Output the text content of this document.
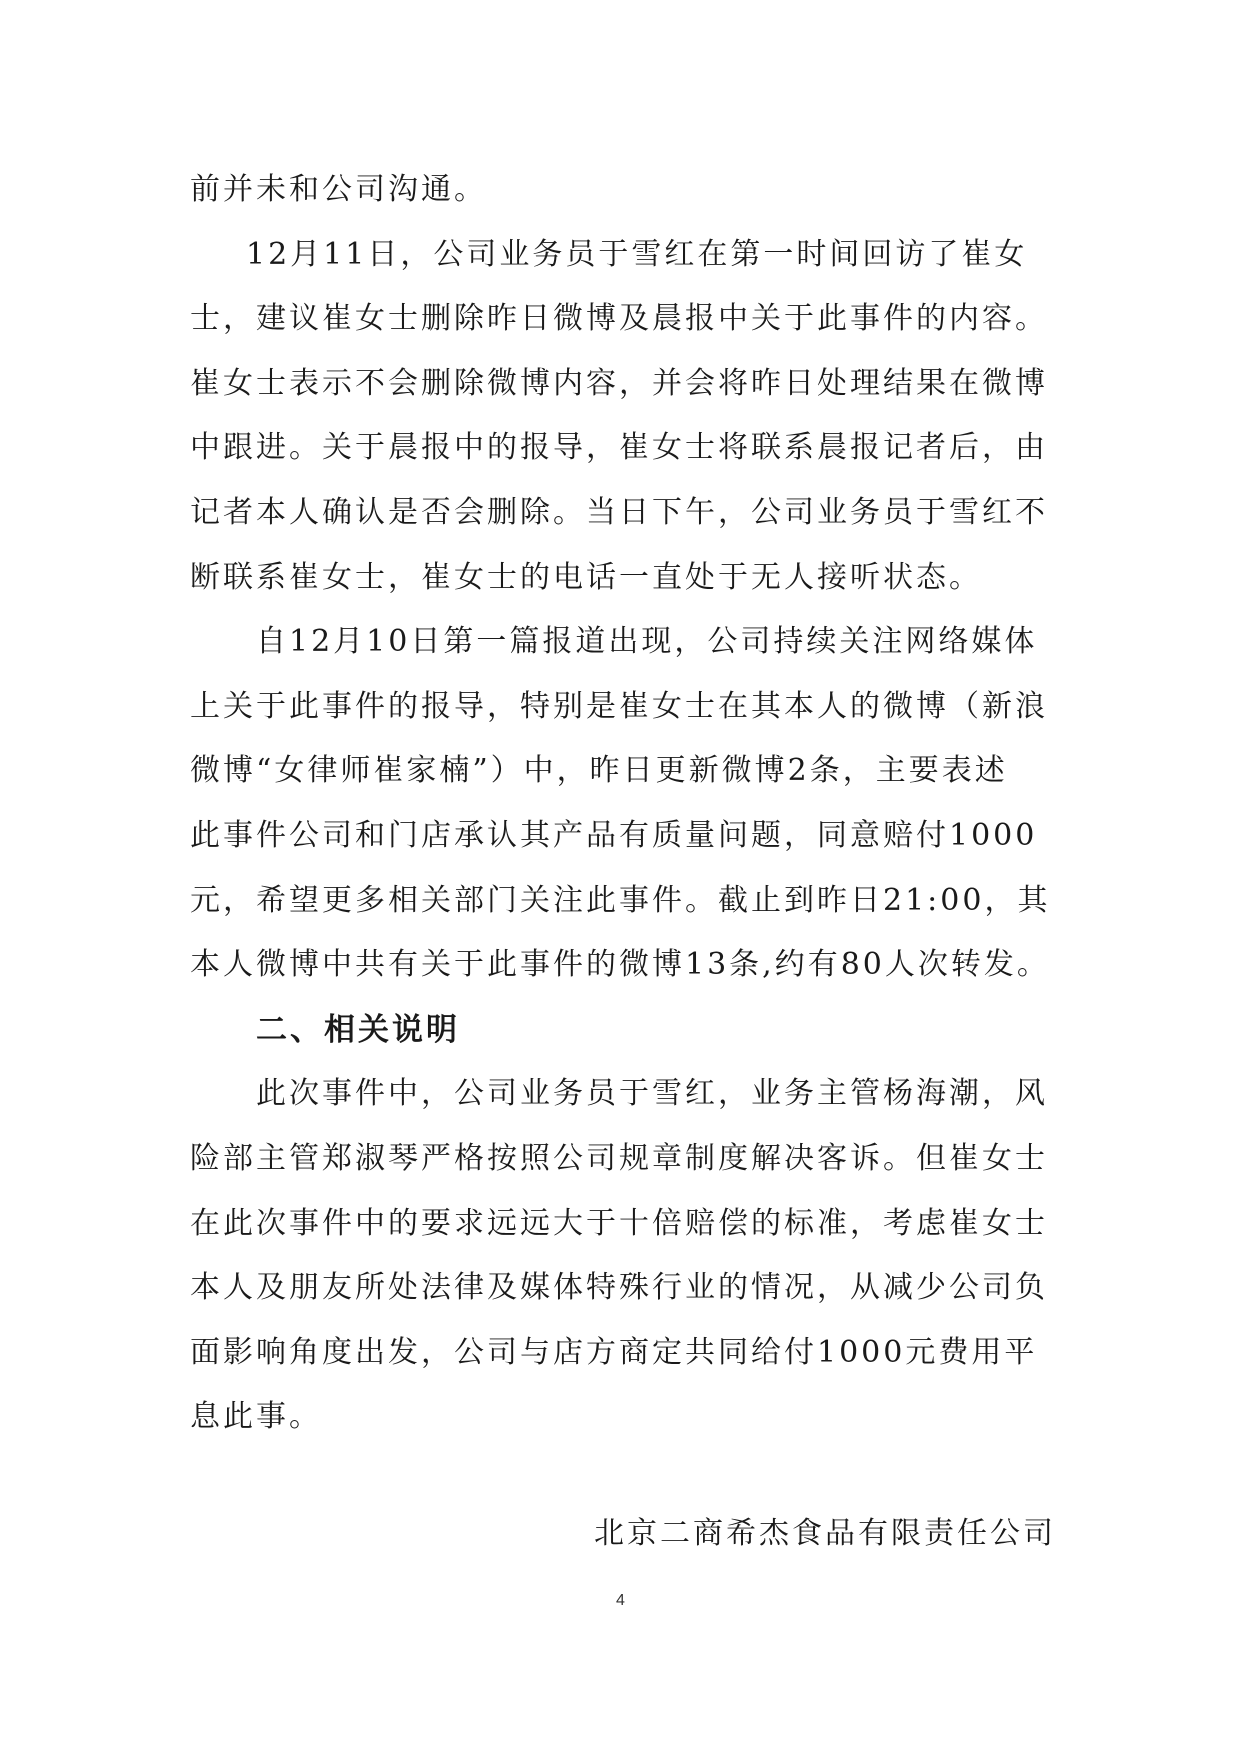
前并未和公司沟通。
12月11日，公司业务员于雪红在第一时间回访了崔女
士，建议崔女士删除昨日微博及晨报中关于此事件的内容。
崔女士表示不会删除微博内容，并会将昨日处理结果在微博
中跟进。关于晨报中的报导，崔女士将联系晨报记者后，由
记者本人确认是否会删除。当日下午，公司业务员于雪红不
断联系崔女士，崔女士的电话一直处于无人接听状态。
自12月10日第一篇报道出现，公司持续关注网络媒体
上关于此事件的报导，特别是崔女士在其本人的微博（新浪
微博“女律师崔家楠”）中，昨日更新微博2条，主要表述
此事件公司和门店承认其产品有质量问题，同意赔付1000
元，希望更多相关部门关注此事件。截止到昨日21:00，其
本人微博中共有关于此事件的微博13条,约有80人次转发。
二、相关说明
此次事件中，公司业务员于雪红，业务主管杨海潮，风
险部主管郑淑琴严格按照公司规章制度解决客诉。但崔女士
在此次事件中的要求远远大于十倍赔偿的标准，考虑崔女士
本人及朋友所处法律及媒体特殊行业的情况，从减少公司负
面影响角度出发，公司与店方商定共同给付1000元费用平
息此事。
北京二商希杰食品有限责任公司
4
